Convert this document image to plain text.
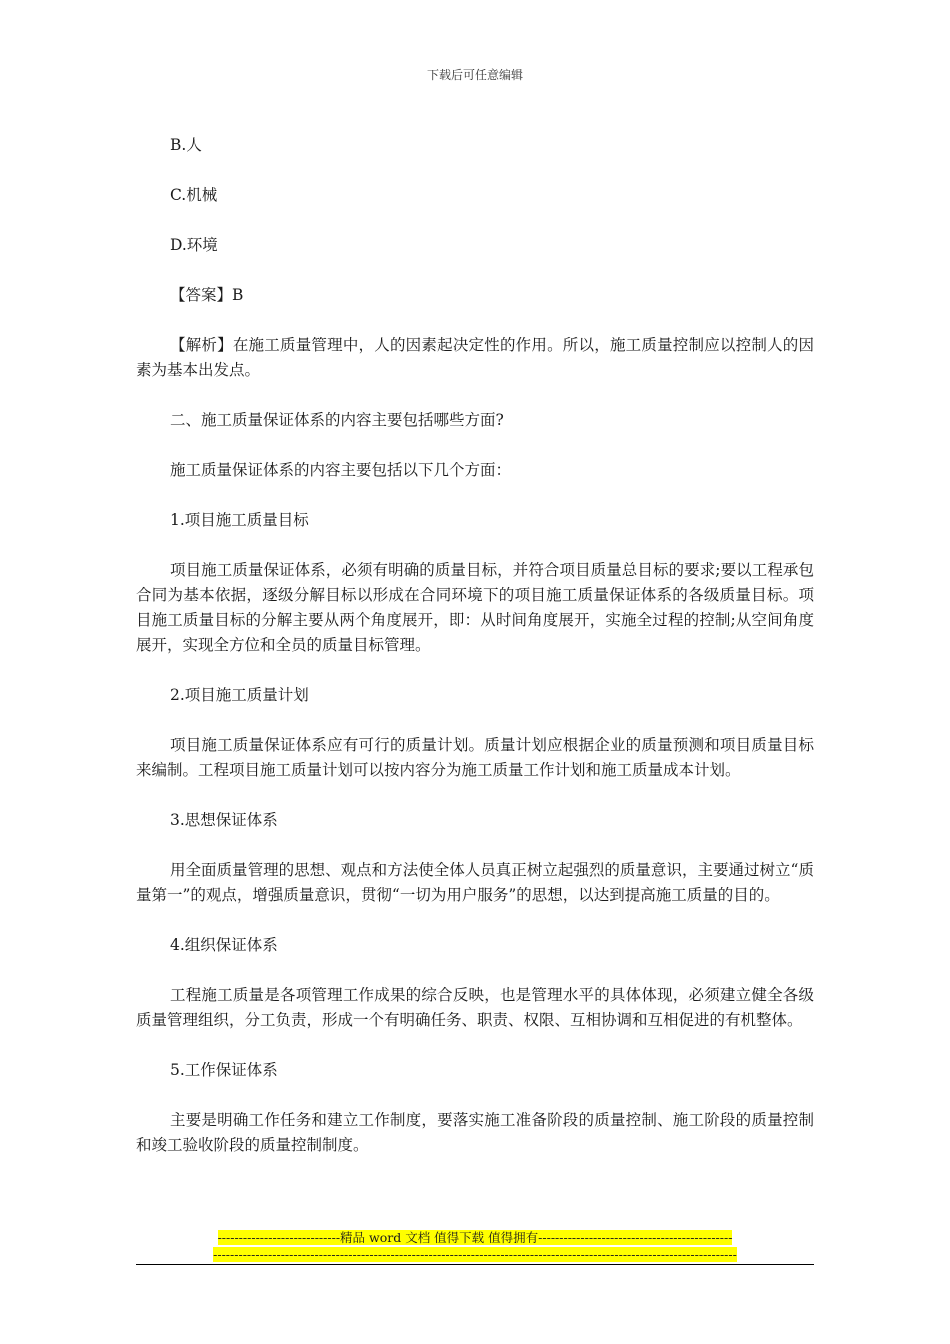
下载后可任意编辑

B.人

C.机械

D.环境

【答案】B

【解析】在施工质量管理中，人的因素起决定性的作用。所以，施工质量控制应以控制人的因素为基本出发点。

二、施工质量保证体系的内容主要包括哪些方面?

施工质量保证体系的内容主要包括以下几个方面：

1.项目施工质量目标

项目施工质量保证体系，必须有明确的质量目标，并符合项目质量总目标的要求;要以工程承包合同为基本依据，逐级分解目标以形成在合同环境下的项目施工质量保证体系的各级质量目标。项目施工质量目标的分解主要从两个角度展开，即：从时间角度展开，实施全过程的控制;从空间角度展开，实现全方位和全员的质量目标管理。

2.项目施工质量计划

项目施工质量保证体系应有可行的质量计划。质量计划应根据企业的质量预测和项目质量目标来编制。工程项目施工质量计划可以按内容分为施工质量工作计划和施工质量成本计划。

3.思想保证体系

用全面质量管理的思想、观点和方法使全体人员真正树立起强烈的质量意识，主要通过树立“质量第一”的观点，增强质量意识，贯彻“一切为用户服务”的思想，以达到提高施工质量的目的。

4.组织保证体系

工程施工质量是各项管理工作成果的综合反映，也是管理水平的具体体现，必须建立健全各级质量管理组织，分工负责，形成一个有明确任务、职责、权限、互相协调和互相促进的有机整体。

5.工作保证体系

主要是明确工作任务和建立工作制度，要落实施工准备阶段的质量控制、施工阶段的质量控制和竣工验收阶段的质量控制制度。

-----------------------------精品 word 文档 值得下载 值得拥有----------------------------------------------
----------------------------------------------------------------------------------------------------------------------------
